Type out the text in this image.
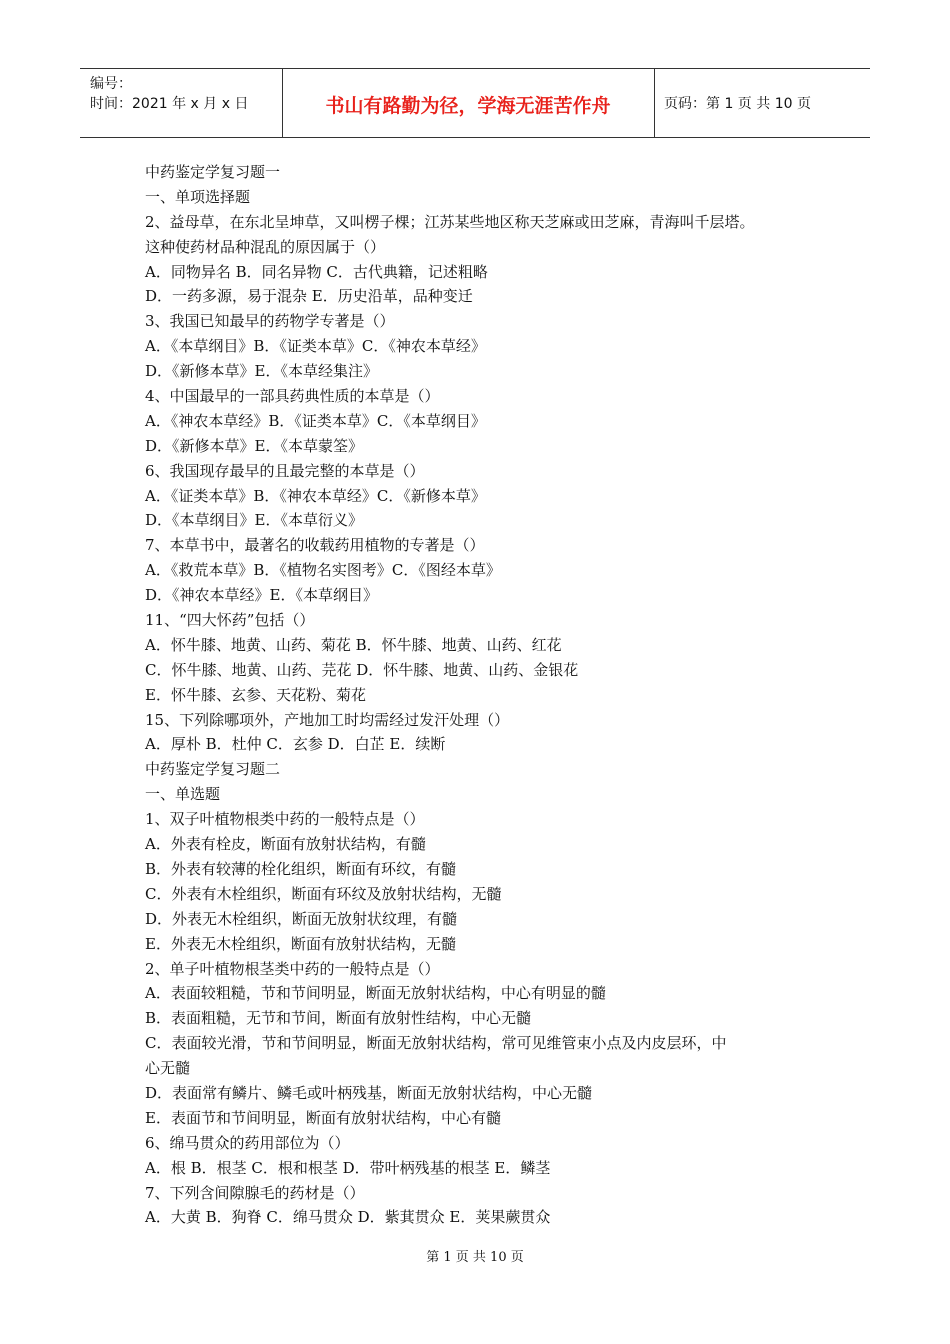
编号：
时间：2021 年 x 月 x 日	书山有路勤为径，学海无涯苦作舟	页码：第 1 页 共 10 页
中药鉴定学复习题一
一、单项选择题
2、益母草，在东北呈坤草，又叫楞子棵；江苏某些地区称天芝麻或田芝麻，青海叫千层塔。
这种使药材品种混乱的原因属于（）
A．同物异名 B．同名异物 C．古代典籍，记述粗略
D．一药多源，易于混杂 E．历史沿革，品种变迁
3、我国已知最早的药物学专著是（）
A．《本草纲目》B．《证类本草》C．《神农本草经》
D．《新修本草》E．《本草经集注》
4、中国最早的一部具药典性质的本草是（）
A．《神农本草经》B．《证类本草》C．《本草纲目》
D．《新修本草》E．《本草蒙筌》
6、我国现存最早的且最完整的本草是（）
A．《证类本草》B．《神农本草经》C．《新修本草》
D．《本草纲目》E．《本草衍义》
7、本草书中，最著名的收载药用植物的专著是（）
A．《救荒本草》B．《植物名实图考》C．《图经本草》
D．《神农本草经》E．《本草纲目》
11、“四大怀药”包括（）
A．怀牛膝、地黄、山药、菊花 B．怀牛膝、地黄、山药、红花
C．怀牛膝、地黄、山药、芫花 D．怀牛膝、地黄、山药、金银花
E．怀牛膝、玄参、天花粉、菊花
15、下列除哪项外，产地加工时均需经过发汗处理（）
A．厚朴 B．杜仲 C．玄参 D．白芷 E．续断
中药鉴定学复习题二
一、单选题
1、双子叶植物根类中药的一般特点是（）
A．外表有栓皮，断面有放射状结构，有髓
B．外表有较薄的栓化组织，断面有环纹，有髓
C．外表有木栓组织，断面有环纹及放射状结构，无髓
D．外表无木栓组织，断面无放射状纹理，有髓
E．外表无木栓组织，断面有放射状结构，无髓
2、单子叶植物根茎类中药的一般特点是（）
A．表面较粗糙，节和节间明显，断面无放射状结构，中心有明显的髓
B．表面粗糙，无节和节间，断面有放射性结构，中心无髓
C．表面较光滑，节和节间明显，断面无放射状结构，常可见维管束小点及内皮层环，中
心无髓
D．表面常有鳞片、鳞毛或叶柄残基，断面无放射状结构，中心无髓
E．表面节和节间明显，断面有放射状结构，中心有髓
6、绵马贯众的药用部位为（）
A．根 B．根茎 C．根和根茎 D．带叶柄残基的根茎 E．鳞茎
7、下列含间隙腺毛的药材是（）
A．大黄 B．狗脊 C．绵马贯众 D．紫萁贯众 E．荚果蕨贯众
第 1 页 共 10 页
